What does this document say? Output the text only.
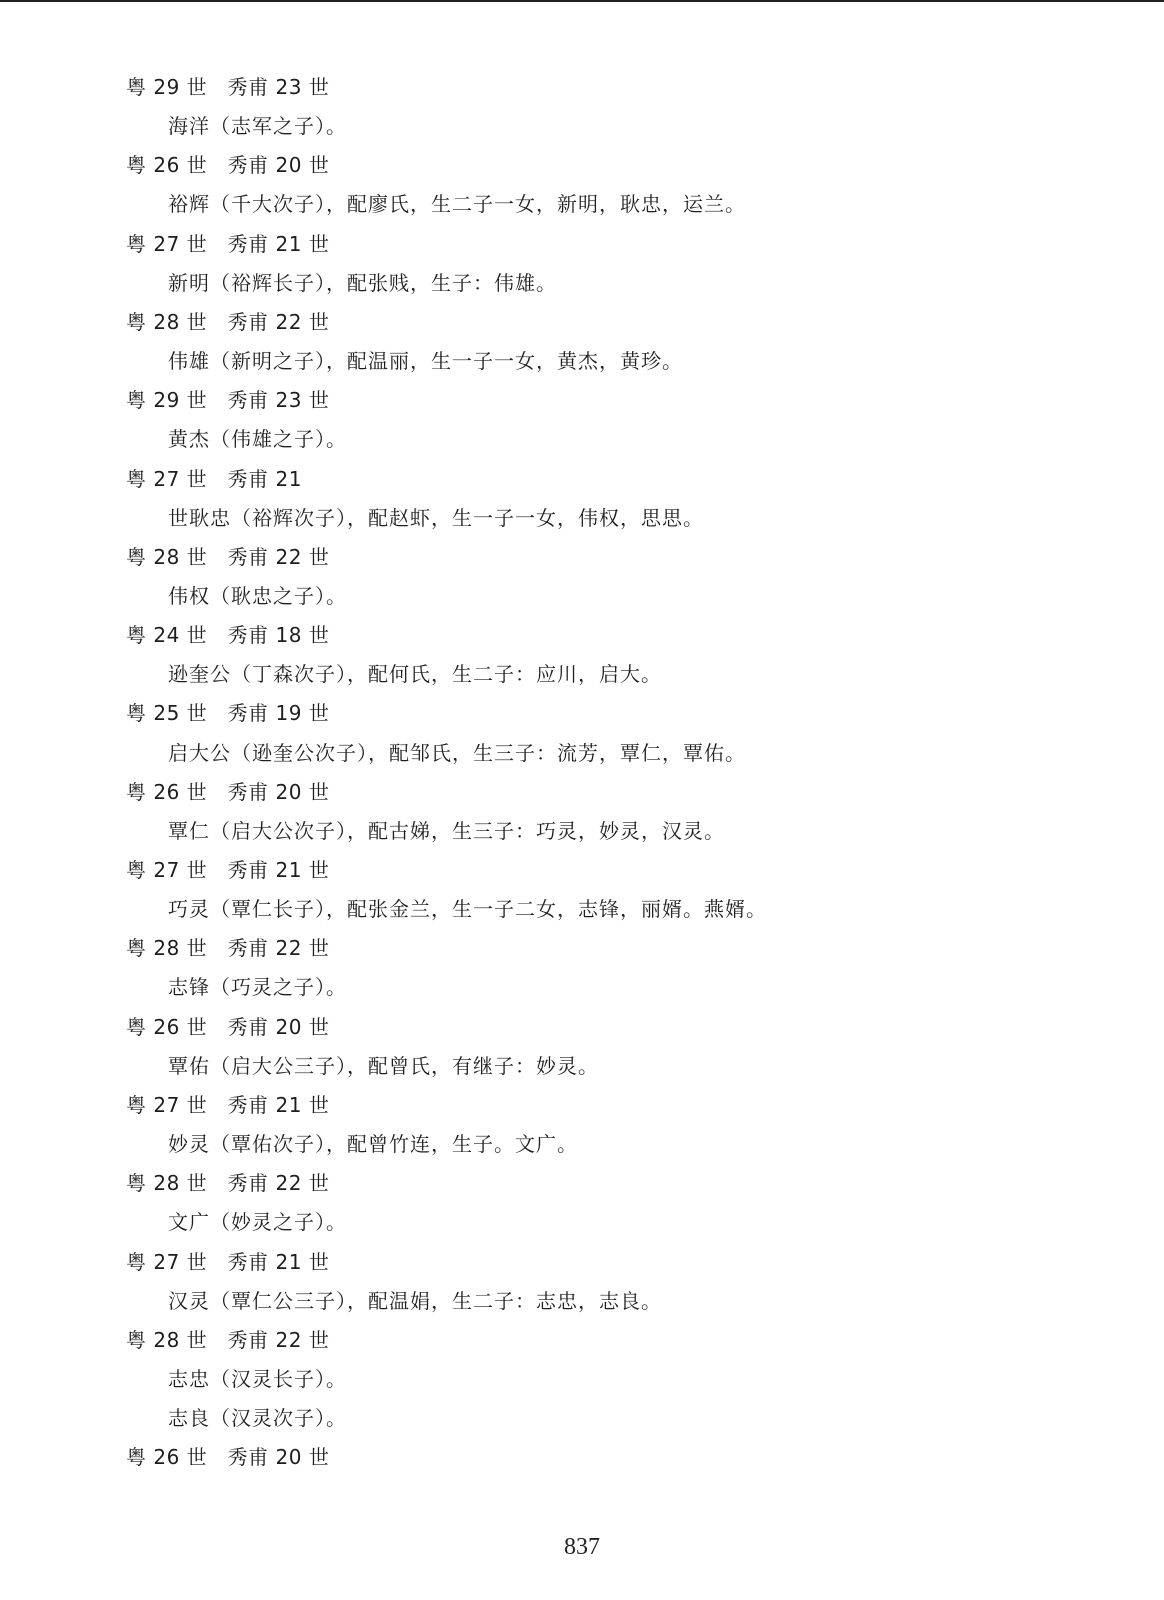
粤 29 世　秀甫 23 世
海洋（志军之子）。
粤 26 世　秀甫 20 世
裕辉（千大次子），配廖氏，生二子一女，新明，耿忠，运兰。
粤 27 世　秀甫 21 世
新明（裕辉长子），配张贱，生子：伟雄。
粤 28 世　秀甫 22 世
伟雄（新明之子），配温丽，生一子一女，黄杰，黄珍。
粤 29 世　秀甫 23 世
黄杰（伟雄之子）。
粤 27 世　秀甫 21
世耿忠（裕辉次子），配赵虾，生一子一女，伟权，思思。
粤 28 世　秀甫 22 世
伟权（耿忠之子）。
粤 24 世　秀甫 18 世
逊奎公（丁森次子），配何氏，生二子：应川，启大。
粤 25 世　秀甫 19 世
启大公（逊奎公次子），配邹氏，生三子：流芳，覃仁，覃佑。
粤 26 世　秀甫 20 世
覃仁（启大公次子），配古娣，生三子：巧灵，妙灵，汉灵。
粤 27 世　秀甫 21 世
巧灵（覃仁长子），配张金兰，生一子二女，志锋，丽婿。燕婿。
粤 28 世　秀甫 22 世
志锋（巧灵之子）。
粤 26 世　秀甫 20 世
覃佑（启大公三子），配曾氏，有继子：妙灵。
粤 27 世　秀甫 21 世
妙灵（覃佑次子），配曾竹连，生子。文广。
粤 28 世　秀甫 22 世
文广（妙灵之子）。
粤 27 世　秀甫 21 世
汉灵（覃仁公三子），配温娟，生二子：志忠，志良。
粤 28 世　秀甫 22 世
志忠（汉灵长子）。
志良（汉灵次子）。
粤 26 世　秀甫 20 世
837
